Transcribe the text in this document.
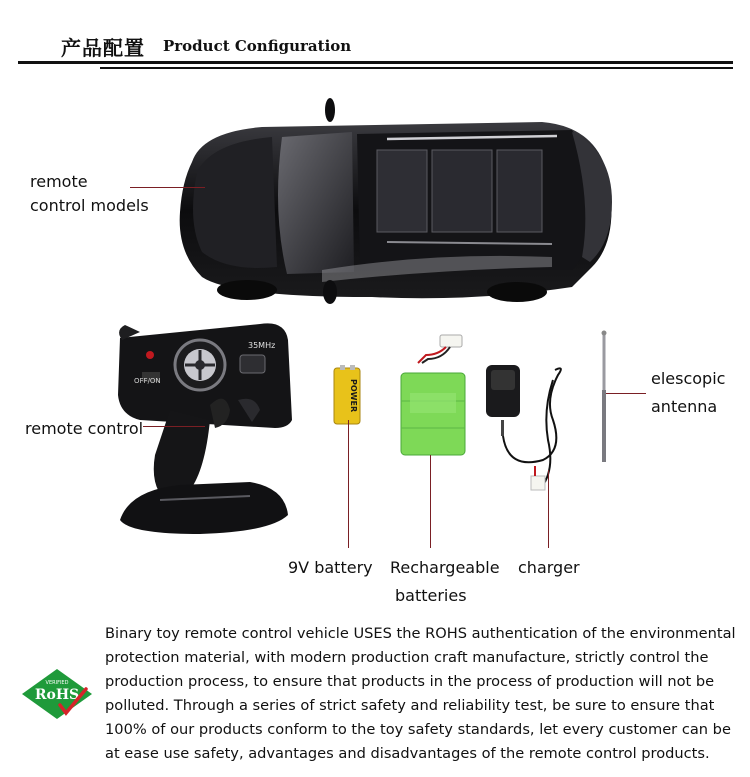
产品配置 Product Configuration
remote
control models
OFF/ON
35MHz
remote control
POWER
9V battery Rechargeable
batteries
charger
elescopic
antenna
VERIFIED
RoHS
Binary toy remote control vehicle USES the ROHS authentication of the environmental
protection material, with modern production craft manufacture, strictly control the
production process, to ensure that products in the process of production will not be
polluted. Through a series of strict safety and reliability test, be sure to ensure that
100% of our products conform to the toy safety standards, let every customer can be
at ease use safety, advantages and disadvantages of the remote control products.
